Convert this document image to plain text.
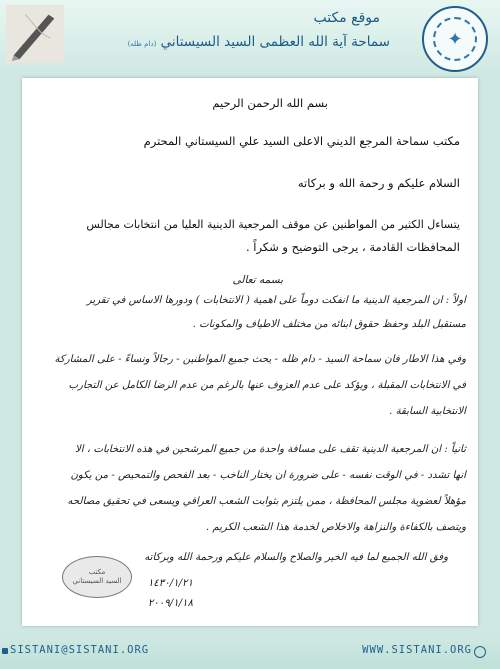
موقع مكتب
سماحة آية الله العظمى السيد السيستاني (دام ظله)	✦
بسم الله الرحمن الرحيم
مكتب سماحة المرجع الديني الاعلى السيد علي السيستاني المحترم
السلام عليكم و رحمة الله و بركاته
يتساءل الكثير من المواطنين عن موقف المرجعية الدينية العليا من انتخابات مجالس
المحافظات القادمة ، يرجى التوضيح و شكراً .
بسمه تعالى
اولاً : ان المرجعية الدينية ما انفكت دوماً على اهمية ( الانتخابات ) ودورها الاساس في تقرير
مستقبل البلد وحفظ حقوق ابنائه من مختلف الاطياف والمكونات .
وفي هذا الاطار فان سماحة السيد - دام ظله - يحث جميع المواطنين - رجالاً ونساءً - على المشاركة
في الانتخابات المقبلة ، ويؤكد على عدم العزوف عنها بالرغم من عدم الرضا الكامل عن التجارب
الانتخابية السابقة .
ثانياً : ان المرجعية الدينية تقف على مسافة واحدة من جميع المرشحين في هذه الانتخابات ، الا
انها تشدد - في الوقت نفسه - على ضرورة ان يختار الناخب - بعد الفحص والتمحيص - من يكون
مؤهلاً لعضوية مجلس المحافظة ، ممن يلتزم بثوابت الشعب العراقي ويسعى في تحقيق مصالحه
ويتصف بالكفاءة والنزاهة والاخلاص لخدمة هذا الشعب الكريم .
وفق الله الجميع لما فيه الخير والصلاح والسلام عليكم ورحمة الله وبركاته
١٤٣٠/١/٢١
٢٠٠٩/١/١٨
مكتب
السيد السيستاني
SISTANI@SISTANI.ORG	WWW.SISTANI.ORG
